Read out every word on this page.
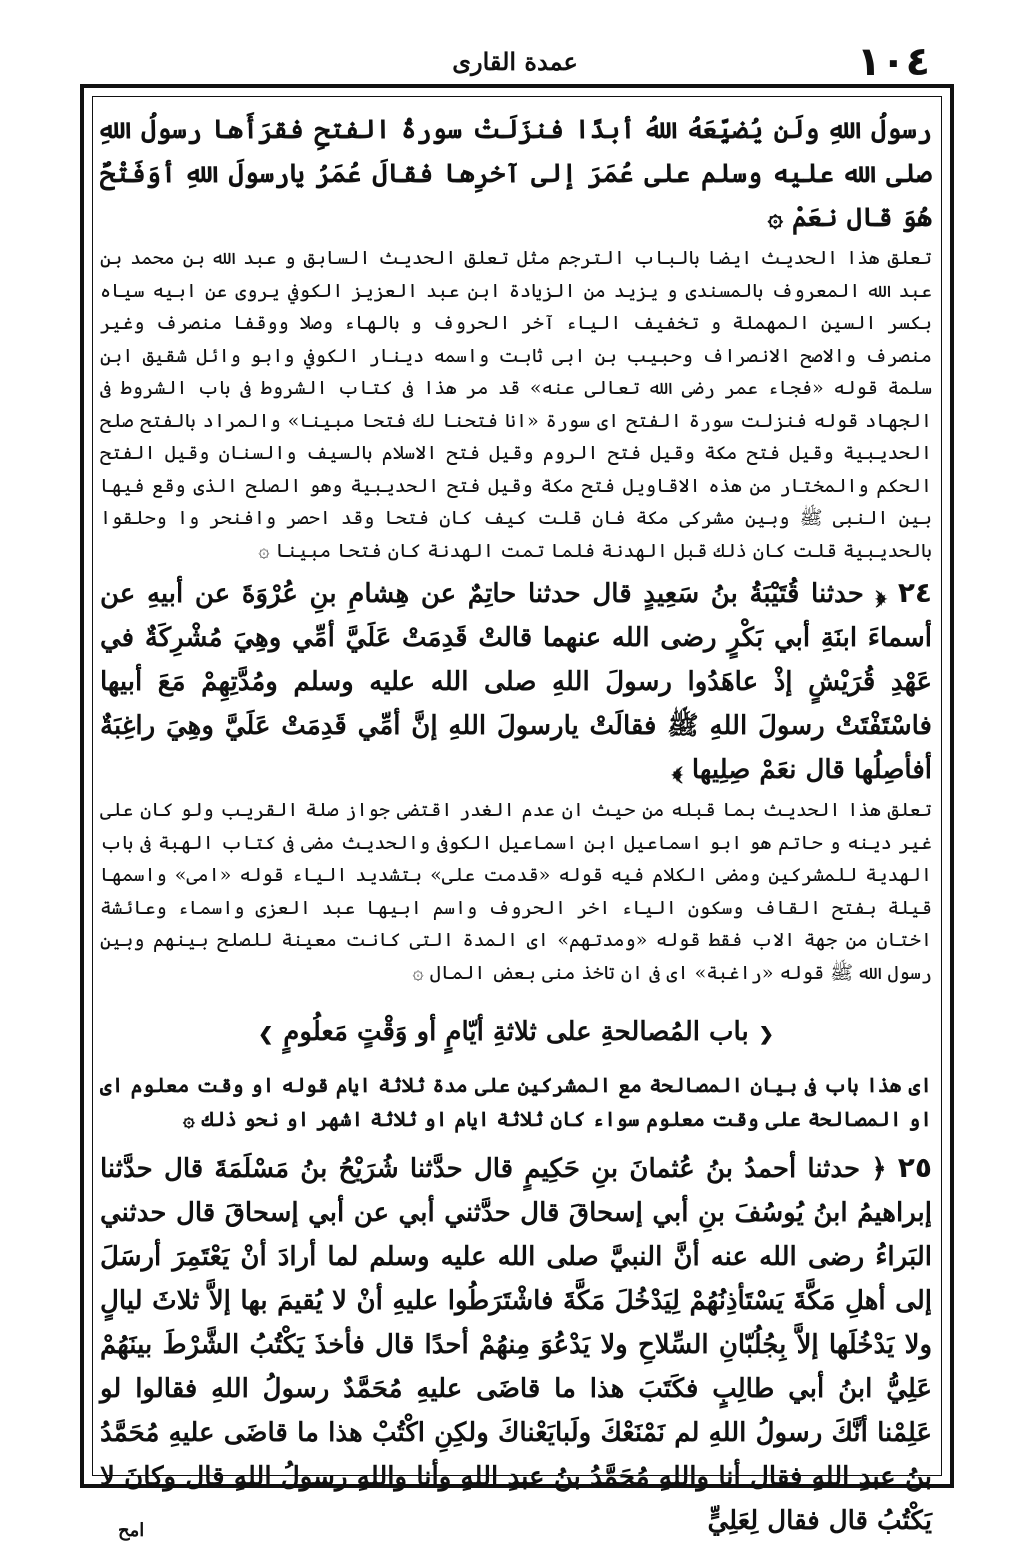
١٠٤
عمدة القارى

رسولُ اللهِ ولَن يُضيِّعَهُ اللهُ أبدًا فنزَلَتْ سورةُ الفتحِ فقرَأَها رسولُ اللهِ صلى الله عليه وسلم على عُمَرَ إلى آخرِها فقالَ عُمَرُ يارسولَ اللهِ أوَفَتْحٌ هُوَ قال نعَمْ ۞

تعلق هذا الحديث ايضا بالباب الترجم مثل تعلق الحديث السابق و عبد الله بن محمد بن عبد الله المعروف بالمسندى و يزيد من الزيادة ابن عبد العزيز الكوفي يروى عن ابيه سياه بكسر السين المهملة و تخفيف الياء آخر الحروف و بالهاء وصلا ووقفا منصرف وغير منصرف والاصح الانصراف وحبيب بن ابى ثابت واسمه دينار الكوفي وابو وائل شقيق ابن سلمة قوله «فجاء عمر رضى الله تعالى عنه» قد مر هذا فى كتاب الشروط فى باب الشروط فى الجهاد قوله فنزلت سورة الفتح اى سورة «انا فتحنا لك فتحا مبينا» والمراد بالفتح صلح الحديبية وقيل فتح مكة وقيل فتح الروم وقيل فتح الاسلام بالسيف والسنان وقيل الفتح الحكم والمختار من هذه الاقاويل فتح مكة وقيل فتح الحديبية وهو الصلح الذى وقع فيها بين النبى ﷺ وبين مشركى مكة فان قلت كيف كان فتحا وقد احصر وافنحر وا وحلقوا بالحديبية قلت كان ذلك قبل الهدنة فلما تمت الهدنة كان فتحا مبينا ۞

٢٤ ﴿ حدثنا قُتَيْبَةُ بنُ سَعِيدٍ قال حدثنا حاتِمٌ عن هِشامِ بنِ عُرْوَةَ عن أبيهِ عن أسماءَ ابنَةِ أبي بَكْرٍ رضى الله عنهما قالتْ قَدِمَتْ عَلَيَّ أمِّي وهِيَ مُشْرِكَةٌ في عَهْدِ قُرَيْشٍ إذْ عاهَدُوا رسولَ اللهِ صلى الله عليه وسلم ومُدَّتِهِمْ مَعَ أبيها فاسْتَفْتَتْ رسولَ اللهِ ﷺ فقالَتْ يارسولَ اللهِ إنَّ أمِّي قَدِمَتْ عَلَيَّ وهِيَ راغِبَةٌ أفأصِلُها قال نعَمْ صِلِيها ﴾

تعلق هذا الحديث بما قبله من حيث ان عدم الغدر اقتضى جواز صلة القريب ولو كان على غير دينه و حاتم هو ابو اسماعيل ابن اسماعيل الكوفى والحديث مضى فى كتاب الهبة فى باب الهدية للمشركين ومضى الكلام فيه قوله «قدمت على» بتشديد الياء قوله «امى» واسمها قيلة بفتح القاف وسكون الياء اخر الحروف واسم ابيها عبد العزى واسماء وعائشة اختان من جهة الاب فقط قوله «ومدتهم» اى المدة التى كانت معينة للصلح بينهم وبين رسول الله ﷺ قوله «راغبة» اى فى ان تاخذ منى بعض المال ۞

❮باب المُصالحةِ على ثلاثةِ أيّامٍ أو وَقْتٍ مَعلُومٍ❯

اى هذا باب فى بيان المصالحة مع المشركين على مدة ثلاثة ايام قوله او وقت معلوم اى او المصالحة على وقت معلوم سواء كان ثلاثة ايام او ثلاثة اشهر او نحو ذلك ۞

٢٥ ﴿ حدثنا أحمدُ بنُ عُثمانَ بنِ حَكِيمٍ قال حدَّثنا شُرَيْحُ بنُ مَسْلَمَةَ قال حدَّثنا إبراهيمُ ابنُ يُوسُفَ بنِ أبي إسحاقَ قال حدَّثني أبي عن أبي إسحاقَ قال حدثني البَراءُ رضى الله عنه أنَّ النبيَّ صلى الله عليه وسلم لما أرادَ أنْ يَعْتَمِرَ أرسَلَ إلى أهلِ مَكَّةَ يَسْتَأذِنُهُمْ لِيَدْخُلَ مَكَّةَ فاشْتَرَطُوا عليهِ أنْ لا يُقيمَ بها إلاَّ ثلاثَ ليالٍ ولا يَدْخُلَها إلاَّ بِجُلُبّانِ السِّلاحِ ولا يَدْعُوَ مِنهُمْ أحدًا قال فأخذَ يَكْتُبُ الشَّرْطَ بينَهُمْ عَلِيُّ ابنُ أبي طالِبٍ فكَتَبَ هذا ما قاضَى عليهِ مُحَمَّدٌ رسولُ اللهِ فقالوا لو عَلِمْنا أنَّكَ رسولُ اللهِ لم نَمْنَعْكَ ولَبايَعْناكَ ولكِنِ اكْتُبْ هذا ما قاضَى عليهِ مُحَمَّدُ بنُ عبدِ اللهِ فقال أنا واللهِ مُحَمَّدُ بنُ عبدِ اللهِ وأنا واللهِ رسولُ اللهِ قال وكانَ لا يَكْتُبُ قال فقال لِعَلِيٍّ

امح
